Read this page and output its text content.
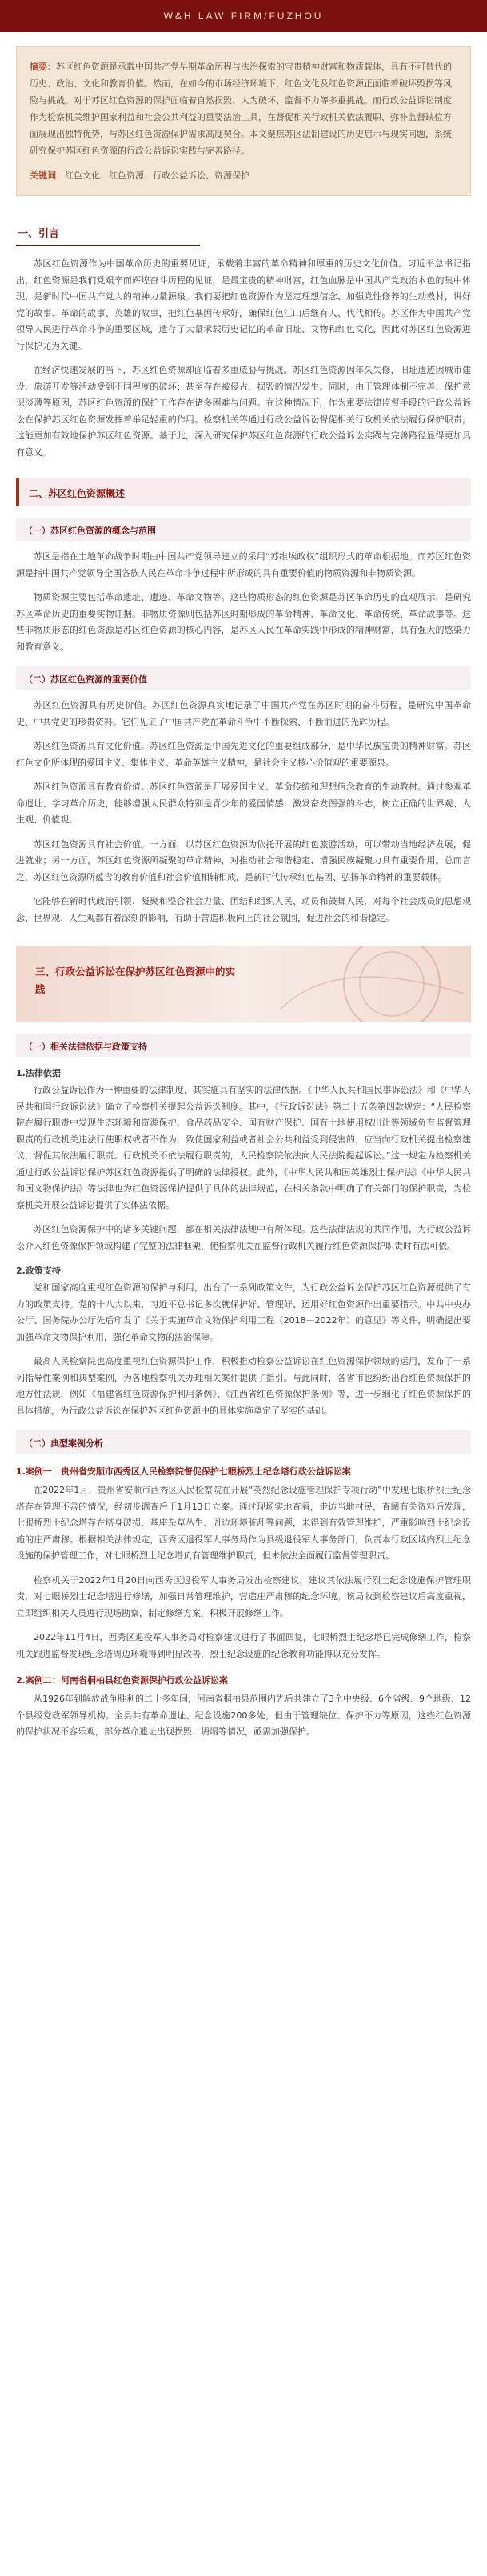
W&H LAW FIRM/FUZHOU

摘要：苏区红色资源是承载中国共产党早期革命历程与法治探索的宝贵精神财富和物质载体，具有不可替代的历史、政治、文化和教育价值。然而，在如今的市场经济环境下，红色文化及红色资源正面临着破坏毁损等风险与挑战。对于苏区红色资源的保护面临着自然损毁、人为破坏、监督不力等多重挑战。而行政公益诉讼制度作为检察机关维护国家利益和社会公共利益的重要法治工具，在督促相关行政机关依法履职、弥补监督缺位方面展现出独特优势，与苏区红色资源保护需求高度契合。本文聚焦苏区法制建设的历史启示与现实问题，系统研究保护苏区红色资源的行政公益诉讼实践与完善路径。

关键词：红色文化、红色资源、行政公益诉讼、资源保护
一、引言

苏区红色资源作为中国革命历史的重要见证，承载着丰富的革命精神和厚重的历史文化价值。习近平总书记指出，红色资源是我们党艰辛而辉煌奋斗历程的见证，是最宝贵的精神财富，红色血脉是中国共产党政治本色的集中体现，是新时代中国共产党人的精神力量源泉。我们要把红色资源作为坚定理想信念、加强党性修养的生动教材，讲好党的故事、革命的故事、英雄的故事，把红色基因传承好，确保红色江山后继有人、代代相传。苏区作为中国共产党领导人民进行革命斗争的重要区域，遗存了大量承载历史记忆的革命旧址、文物和红色文化，因此对苏区红色资源进行保护尤为关键。

在经济快速发展的当下，苏区红色资源却面临着多重威胁与挑战。苏区红色资源因年久失修，旧址遗迹因城市建设、旅游开发等活动受到不同程度的破坏；甚至存在被侵占、损毁的情况发生。同时，由于管理体制不完善、保护意识淡薄等原因，苏区红色资源的保护工作存在诸多困难与问题。在这种情况下，作为重要法律监督手段的行政公益诉讼在保护苏区红色资源发挥着举足轻重的作用。检察机关等通过行政公益诉讼督促相关行政机关依法履行保护职责，这能更加有效地保护苏区红色资源。基于此，深入研究保护苏区红色资源的行政公益诉讼实践与完善路径显得更加具有意义。

二、苏区红色资源概述
（一）苏区红色资源的概念与范围

苏区是指在土地革命战争时期由中国共产党领导建立的采用“苏维埃政权”组织形式的革命根据地。而苏区红色资源是指中国共产党领导全国各族人民在革命斗争过程中所形成的具有重要价值的物质资源和非物质资源。

物质资源主要包括革命遗址、遗迹、革命文物等。这些物质形态的红色资源是苏区革命历史的直观展示，是研究苏区革命历史的重要实物证据。非物质资源则包括苏区时期形成的革命精神、革命文化、革命传统、革命故事等。这些非物质形态的红色资源是苏区红色资源的核心内容，是苏区人民在革命实践中形成的精神财富，具有强大的感染力和教育意义。

（二）苏区红色资源的重要价值

苏区红色资源具有历史价值。苏区红色资源真实地记录了中国共产党在苏区时期的奋斗历程，是研究中国革命史、中共党史的珍贵资料。它们见证了中国共产党在革命斗争中不断探索、不断前进的光辉历程。

苏区红色资源具有文化价值。苏区红色资源是中国先进文化的重要组成部分，是中华民族宝贵的精神财富。苏区红色文化所体现的爱国主义、集体主义、革命英雄主义精神，是社会主义核心价值观的重要源泉。

苏区红色资源具有教育价值。苏区红色资源是开展爱国主义、革命传统和理想信念教育的生动教材。通过参观革命遗址、学习革命历史，能够增强人民群众特别是青少年的爱国情感，激发奋发图强的斗志，树立正确的世界观、人生观、价值观。

苏区红色资源具有社会价值。一方面，以苏区红色资源为依托开展的红色旅游活动，可以带动当地经济发展，促进就业；另一方面，苏区红色资源所凝聚的革命精神，对推动社会和谐稳定、增强民族凝聚力具有重要作用。总而言之，苏区红色资源所蕴含的教育价值和社会价值相辅相成，是新时代传承红色基因、弘扬革命精神的重要载体。

它能够在新时代政治引领、凝聚和整合社会力量、团结和组织人民、动员和鼓舞人民，对每个社会成员的思想观念、世界观、人生观都有着深刻的影响，有助于营造积极向上的社会氛围，促进社会的和谐稳定。

三、行政公益诉讼在保护苏区红色资源中的实践
（一）相关法律依据与政策支持
1.法律依据

行政公益诉讼作为一种重要的法律制度，其实施具有坚实的法律依据。《中华人民共和国民事诉讼法》和《中华人民共和国行政诉讼法》确立了检察机关提起公益诉讼制度。其中，《行政诉讼法》第二十五条第四款规定：“人民检察院在履行职责中发现生态环境和资源保护、食品药品安全、国有财产保护、国有土地使用权出让等领域负有监督管理职责的行政机关违法行使职权或者不作为，致使国家利益或者社会公共利益受到侵害的，应当向行政机关提出检察建议，督促其依法履行职责。行政机关不依法履行职责的，人民检察院依法向人民法院提起诉讼。”这一规定为检察机关通过行政公益诉讼保护苏区红色资源提供了明确的法律授权。此外，《中华人民共和国英雄烈士保护法》《中华人民共和国文物保护法》等法律也为红色资源保护提供了具体的法律规范，在相关条款中明确了有关部门的保护职责，为检察机关开展公益诉讼提供了实体法依据。

苏区红色资源保护中的诸多关键问题，都在相关法律法规中有所体现。这些法律法规的共同作用，为行政公益诉讼介入红色资源保护领域构建了完整的法律框架，使检察机关在监督行政机关履行红色资源保护职责时有法可依。

2.政策支持

党和国家高度重视红色资源的保护与利用，出台了一系列政策文件，为行政公益诉讼保护苏区红色资源提供了有力的政策支持。党的十八大以来，习近平总书记多次就保护好、管理好、运用好红色资源作出重要指示。中共中央办公厅、国务院办公厅先后印发了《关于实施革命文物保护利用工程（2018－2022年）的意见》等文件，明确提出要加强革命文物保护利用，强化革命文物的法治保障。

最高人民检察院也高度重视红色资源保护工作，积极推动检察公益诉讼在红色资源保护领域的运用，发布了一系列指导性案例和典型案例，为各地检察机关办理相关案件提供了指引。与此同时，各省市也纷纷出台红色资源保护的地方性法规，例如《福建省红色资源保护利用条例》、《江西省红色资源保护条例》等，进一步细化了红色资源保护的具体措施，为行政公益诉讼在保护苏区红色资源中的具体实施奠定了坚实的基础。

（二）典型案例分析
1.案例一：贵州省安顺市西秀区人民检察院督促保护七眼桥烈士纪念塔行政公益诉讼案

在2022年1月，贵州省安顺市西秀区人民检察院在开展“英烈纪念设施管理保护专项行动”中发现七眼桥烈士纪念塔存在管理不善的情况，经初步调查后于1月13日立案。通过现场实地查看，走访当地村民，查阅有关资料后发现，七眼桥烈士纪念塔存在塔身破损、基座杂草丛生、周边环境脏乱等问题，未得到有效管理维护，严重影响烈士纪念设施的庄严肃穆。根据相关法律规定，西秀区退役军人事务局作为县级退役军人事务部门，负责本行政区域内烈士纪念设施的保护管理工作，对七眼桥烈士纪念塔负有管理维护职责，但未依法全面履行监督管理职责。

检察机关于2022年1月20日向西秀区退役军人事务局发出检察建议，建议其依法履行烈士纪念设施保护管理职责，对七眼桥烈士纪念塔进行修缮，加强日常管理维护，营造庄严肃穆的纪念环境。该局收到检察建议后高度重视，立即组织相关人员进行现场勘察，制定修缮方案，积极开展修缮工作。

2022年11月4日，西秀区退役军人事务局对检察建议进行了书面回复，七眼桥烈士纪念塔已完成修缮工作，检察机关跟进监督发现纪念塔周边环境得到明显改善，烈士纪念设施的纪念教育功能得以充分发挥。

2.案例二：河南省桐柏县红色资源保护行政公益诉讼案

从1926年到解放战争胜利的二十多年间，河南省桐柏县范围内先后共建立了3个中央级、6个省级、9个地级、12个县级党政军领导机构。全县共有革命遗址、纪念设施200多处，但由于管理缺位、保护不力等原因，这些红色资源的保护状况不容乐观，部分革命遗址出现损毁、坍塌等情况，亟需加强保护。
